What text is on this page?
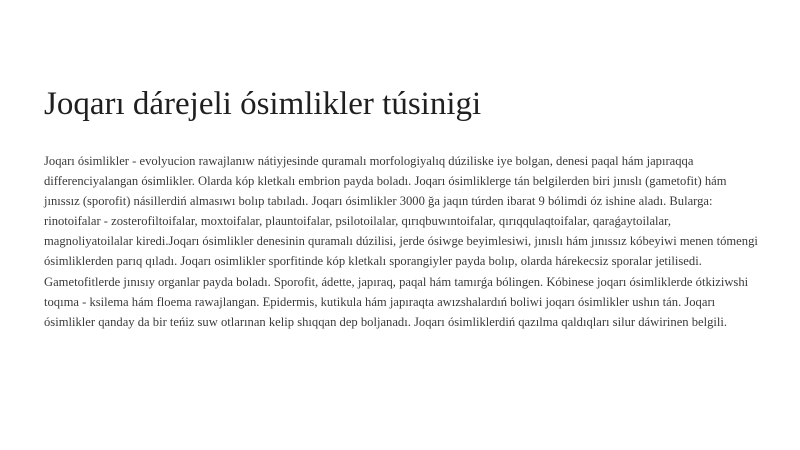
Joqarı dárejeli ósimlikler túsinigi

Joqarı ósimlikler - evolyucion rawajlanıw nátiyjesinde quramalı morfologiyalıq dúziliske iye bolgan, denesi paqal hám japıraqqa differenciyalangan ósimlikler. Olarda kóp kletkalı embrion payda boladı. Joqarı ósimliklerge tán belgilerden biri jınıslı (gametofit) hám jınıssız (sporofit) násillerdiń almasıwı bolıp tabıladı. Joqarı ósimlikler 3000 ğa jaqın túrden ibarat 9 bólimdi óz ishine aladı. Bularga: rinotoifalar - zosterofiltoifalar, moxtoifalar, plauntoifalar, psilotoilalar, qırıqbuwıntoifalar, qırıqqulaqtoifalar, qaraǵaytoilalar, magnoliyatoilalar kiredi.Joqarı ósimlikler denesinin quramalı dúzilisi, jerde ósiwge beyimlesiwi, jınıslı hám jınıssız kóbeyiwi menen tómengi ósimliklerden parıq qıladı. Joqarı osimlikler sporfitinde kóp kletkalı sporangiyler payda bolıp, olarda hárekecsiz sporalar jetilisedi. Gametofitlerde jınısıy organlar payda boladı. Sporofit, ádette, japıraq, paqal hám tamırǵa bólingen. Kóbinese joqarı ósimliklerde ótkiziwshi toqıma - ksilema hám floema rawajlangan. Epidermis, kutikula hám japıraqta awızshalardıń boliwi joqarı ósimlikler ushın tán. Joqarı ósimlikler qanday da bir teńiz suw otlarınan kelip shıqqan dep boljanadı. Joqarı ósimliklerdiń qazılma qaldıqları silur dáwirinen belgili.
